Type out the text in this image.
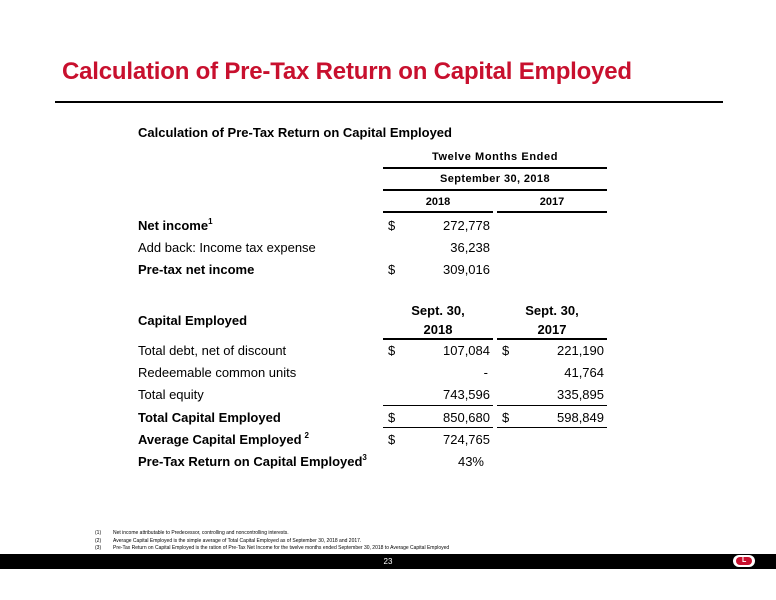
Calculation of Pre-Tax Return on Capital Employed
Calculation of Pre-Tax Return on Capital Employed
Twelve Months Ended
September 30, 2018
2018	2017
Net income$^1$	$	272,778
Add back: Income tax expense	36,238
Pre-tax net income	$	309,016
Capital Employed
Sept. 30,
2018
Sept. 30,
2017
Total debt, net of discount	$	107,084 $	221,190
Redeemable common units	-	41,764
Total equity	743,596	335,895
Total Capital Employed	$	850,680 $	598,849
Average Capital Employed $^2$	$	724,765
Pre-Tax Return on Capital Employed$^3$	43%
(1) Net income attributable to Predecessor, controlling and noncontrolling interests.
(2) Average Capital Employed is the simple average of Total Capital Employed as of September 30, 2018 and 2017.
(3) Pre-Tax Return on Capital Employed is the ration of Pre-Tax Net Income for the twelve months ended September 30, 2018 to Average Capital Employed
23	L
